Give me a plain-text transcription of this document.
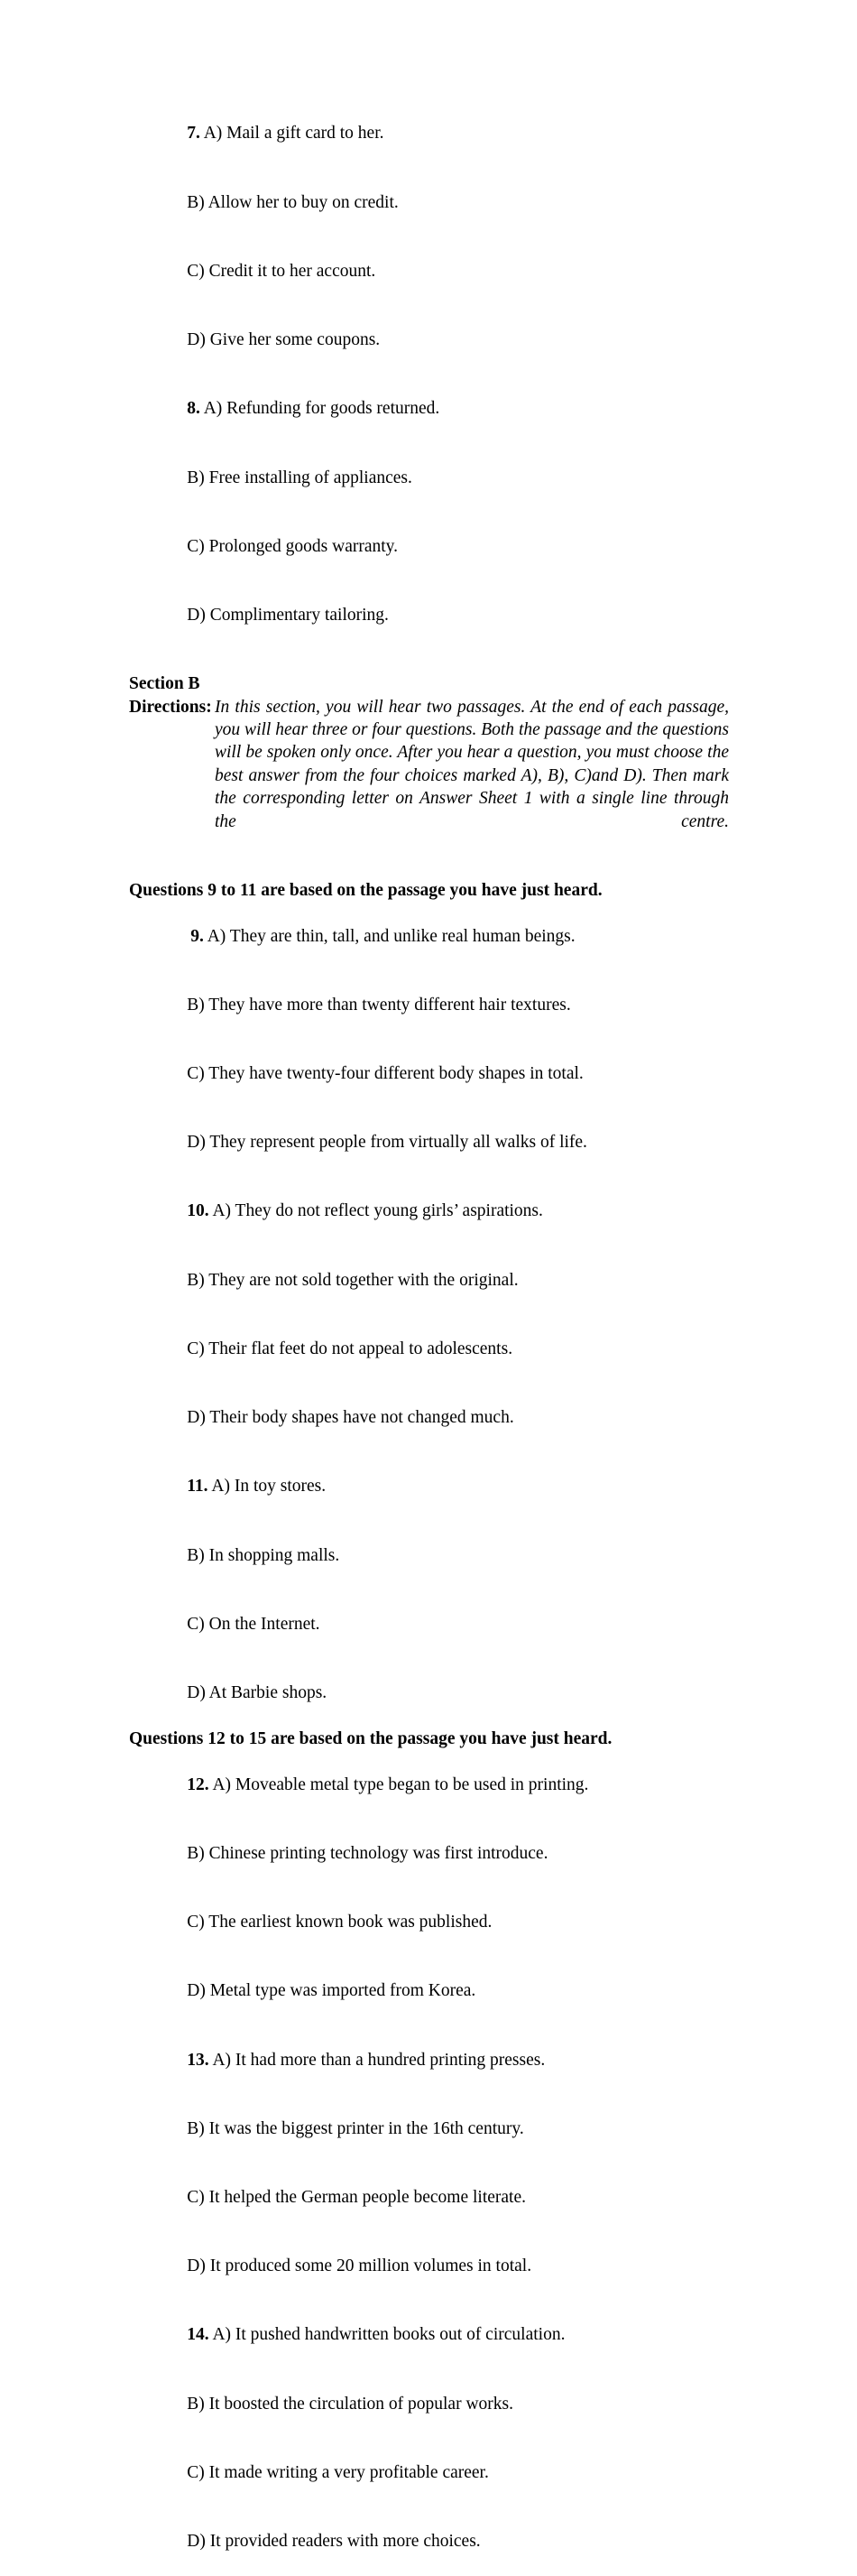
7. A) Mail a gift card to her.

B) Allow her to buy on credit.

C) Credit it to her account.

D) Give her some coupons.

8. A) Refunding for goods returned.

B) Free installing of appliances.

C) Prolonged goods warranty.

D) Complimentary tailoring.

Section B
Directions: In this section, you will hear two passages. At the end of each passage, you will hear three or four questions. Both the passage and the questions will be spoken only once. After you hear a question, you must choose the best answer from the four choices marked A), B), C)and D). Then mark the corresponding letter on Answer Sheet 1 with a single line through the centre.
Questions 9 to 11 are based on the passage you have just heard.

9. A) They are thin, tall, and unlike real human beings.

B) They have more than twenty different hair textures.

C) They have twenty-four different body shapes in total.

D) They represent people from virtually all walks of life.

10. A) They do not reflect young girls’ aspirations.

B) They are not sold together with the original.

C) Their flat feet do not appeal to adolescents.

D) Their body shapes have not changed much.

11. A) In toy stores.

B) In shopping malls.

C) On the Internet.

D) At Barbie shops.

Questions 12 to 15 are based on the passage you have just heard.

12. A) Moveable metal type began to be used in printing.

B) Chinese printing technology was first introduce.

C) The earliest known book was published.

D) Metal type was imported from Korea.

13. A) It had more than a hundred printing presses.

B) It was the biggest printer in the 16th century.

C) It helped the German people become literate.

D) It produced some 20 million volumes in total.

14. A) It pushed handwritten books out of circulation.

B) It boosted the circulation of popular works.

C) It made writing a very profitable career.

D) It provided readers with more choices.
